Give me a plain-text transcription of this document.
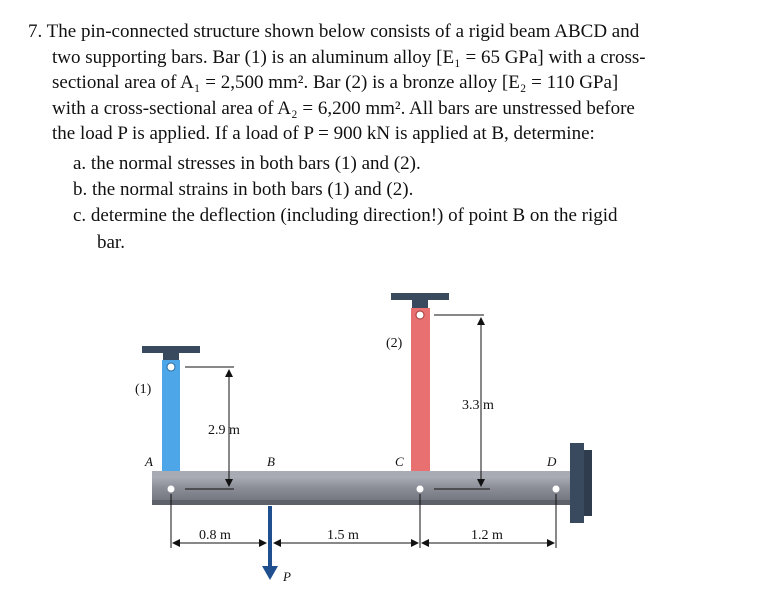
7. The pin-connected structure shown below consists of a rigid beam ABCD and
two supporting bars. Bar (1) is an aluminum alloy [E₁ = 65 GPa] with a cross-
sectional area of A₁ = 2,500 mm². Bar (2) is a bronze alloy [E₂ = 110 GPa]
with a cross-sectional area of A₂ = 6,200 mm². All bars are unstressed before
the load P is applied. If a load of P = 900 kN is applied at B, determine:
a. the normal stresses in both bars (1) and (2).
b. the normal strains in both bars (1) and (2).
c. determine the deflection (including direction!) of point B on the rigid
bar.
(1)
(2)
2.9 m
3.3 m
A	B	C	D
0.8 m	1.5 m	1.2 m
P
